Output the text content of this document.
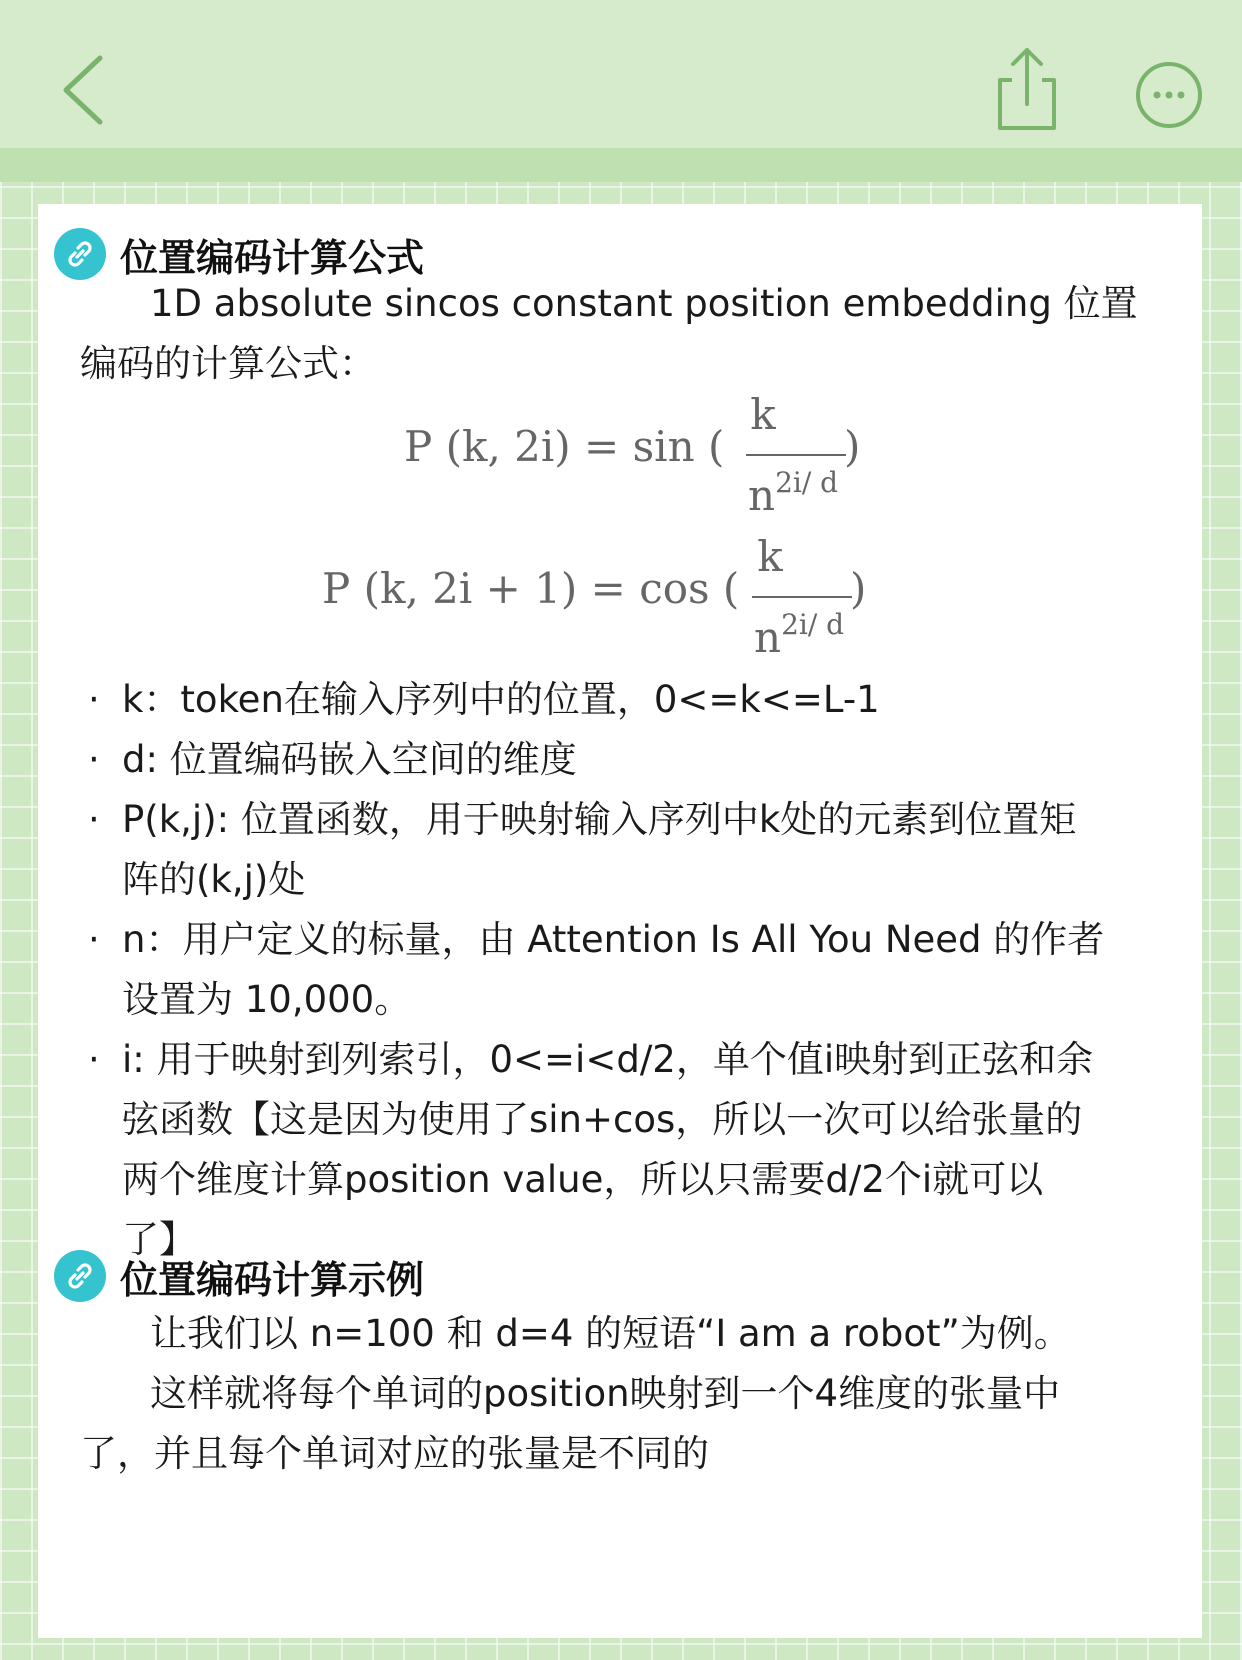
位置编码计算公式
1D absolute sincos constant position embedding 位置
编码的计算公式：
P (k, 2i) = sin (
k
$n^{2i/ d}$
)
P (k, 2i + 1) = cos (
k
$n^{2i/ d}$
)
· k：token在输入序列中的位置，0<=k<=L-1
· d: 位置编码嵌入空间的维度
· P(k,j): 位置函数，用于映射输入序列中k处的元素到位置矩
阵的(k,j)处
· n：用户定义的标量，由 Attention Is All You Need 的作者
设置为 10,000。
· i: 用于映射到列索引，0<=i<d/2，单个值i映射到正弦和余
弦函数【这是因为使用了sin+cos，所以一次可以给张量的
两个维度计算position value，所以只需要d/2个i就可以
了】
位置编码计算示例
让我们以 n=100 和 d=4 的短语“I am a robot”为例。
这样就将每个单词的position映射到一个4维度的张量中
了，并且每个单词对应的张量是不同的
